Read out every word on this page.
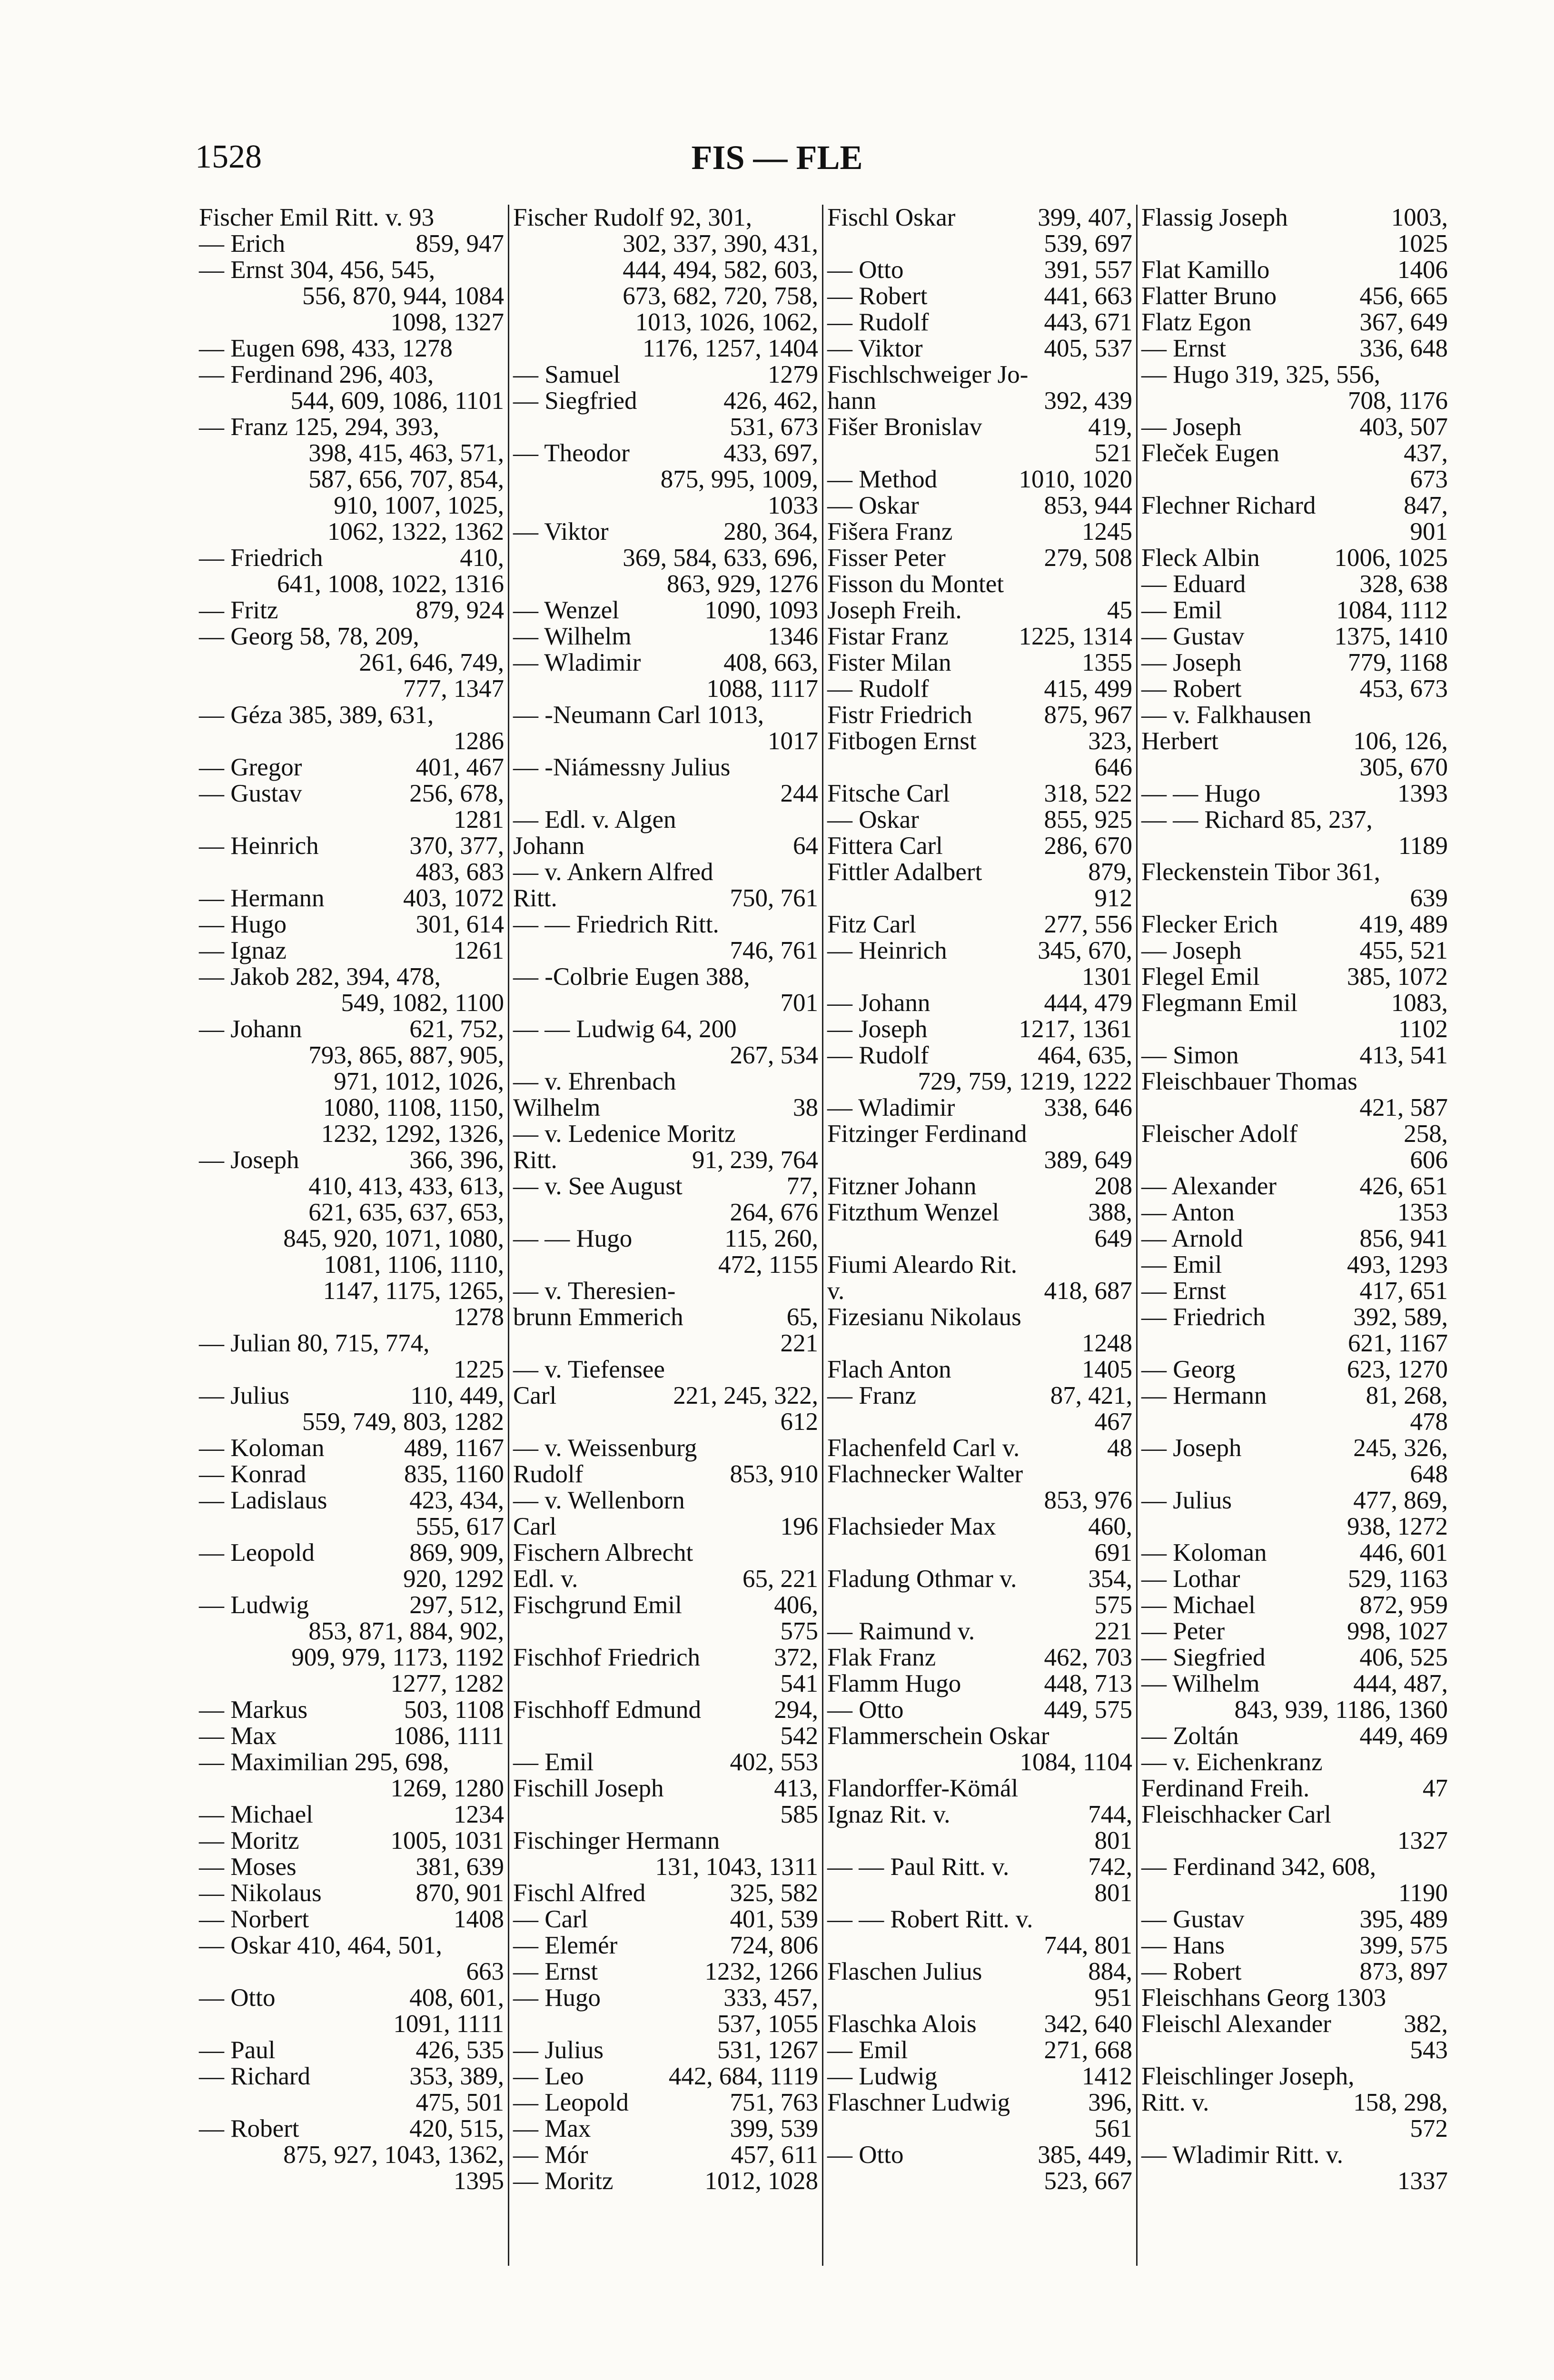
1528	FIS — FLE
Fischer Emil Ritt. v. 93
— Erich	859, 947
— Ernst 304, 456, 545,
556, 870, 944, 1084
1098, 1327
— Eugen 698, 433, 1278
— Ferdinand 296, 403,
544, 609, 1086, 1101
— Franz 125, 294, 393,
398, 415, 463, 571,
587, 656, 707, 854,
910, 1007, 1025,
1062, 1322, 1362
— Friedrich	410,
641, 1008, 1022, 1316
— Fritz	879, 924
— Georg 58, 78, 209,
261, 646, 749,
777, 1347
— Géza 385, 389, 631,
1286
— Gregor	401, 467
— Gustav	256, 678,
1281
— Heinrich	370, 377,
483, 683
— Hermann	403, 1072
— Hugo	301, 614
— Ignaz	1261
— Jakob 282, 394, 478,
549, 1082, 1100
— Johann	621, 752,
793, 865, 887, 905,
971, 1012, 1026,
1080, 1108, 1150,
1232, 1292, 1326,
— Joseph	366, 396,
410, 413, 433, 613,
621, 635, 637, 653,
845, 920, 1071, 1080,
1081, 1106, 1110,
1147, 1175, 1265,
1278
— Julian 80, 715, 774,
1225
— Julius	110, 449,
559, 749, 803, 1282
— Koloman	489, 1167
— Konrad	835, 1160
— Ladislaus	423, 434,
555, 617
— Leopold	869, 909,
920, 1292
— Ludwig	297, 512,
853, 871, 884, 902,
909, 979, 1173, 1192
1277, 1282
— Markus	503, 1108
— Max	1086, 1111
— Maximilian 295, 698,
1269, 1280
— Michael	1234
— Moritz	1005, 1031
— Moses	381, 639
— Nikolaus	870, 901
— Norbert	1408
— Oskar 410, 464, 501,
663
— Otto	408, 601,
1091, 1111
— Paul	426, 535
— Richard	353, 389,
475, 501
— Robert	420, 515,
875, 927, 1043, 1362,
1395
Fischer Rudolf 92, 301,
302, 337, 390, 431,
444, 494, 582, 603,
673, 682, 720, 758,
1013, 1026, 1062,
1176, 1257, 1404
— Samuel	1279
— Siegfried	426, 462,
531, 673
— Theodor	433, 697,
875, 995, 1009,
1033
— Viktor	280, 364,
369, 584, 633, 696,
863, 929, 1276
— Wenzel	1090, 1093
— Wilhelm	1346
— Wladimir	408, 663,
1088, 1117
— -Neumann Carl 1013,
1017
— -Niámessny Julius
244
— Edl. v. Algen
Johann	64
— v. Ankern Alfred
Ritt.	750, 761
— — Friedrich Ritt.
746, 761
— -Colbrie Eugen 388,
701
— — Ludwig 64, 200
267, 534
— v. Ehrenbach
Wilhelm	38
— v. Ledenice Moritz
Ritt.	91, 239, 764
— v. See August	77,
264, 676
— — Hugo	115, 260,
472, 1155
— v. Theresien-
brunn Emmerich	65,
221
— v. Tiefensee
Carl	221, 245, 322,
612
— v. Weissenburg
Rudolf	853, 910
— v. Wellenborn
Carl	196
Fischern Albrecht
Edl. v.	65, 221
Fischgrund Emil	406,
575
Fischhof Friedrich	372,
541
Fischhoff Edmund	294,
542
— Emil	402, 553
Fischill Joseph	413,
585
Fischinger Hermann
131, 1043, 1311
Fischl Alfred	325, 582
— Carl	401, 539
— Elemér	724, 806
— Ernst	1232, 1266
— Hugo	333, 457,
537, 1055
— Julius	531, 1267
— Leo	442, 684, 1119
— Leopold	751, 763
— Max	399, 539
— Mór	457, 611
— Moritz	1012, 1028
Fischl Oskar	399, 407,
539, 697
— Otto	391, 557
— Robert	441, 663
— Rudolf	443, 671
— Viktor	405, 537
Fischlschweiger Jo-
hann	392, 439
Fišer Bronislav	419,
521
— Method	1010, 1020
— Oskar	853, 944
Fišera Franz	1245
Fisser Peter	279, 508
Fisson du Montet
Joseph Freih.	45
Fistar Franz	1225, 1314
Fister Milan	1355
— Rudolf	415, 499
Fistr Friedrich	875, 967
Fitbogen Ernst	323,
646
Fitsche Carl	318, 522
— Oskar	855, 925
Fittera Carl	286, 670
Fittler Adalbert	879,
912
Fitz Carl	277, 556
— Heinrich	345, 670,
1301
— Johann	444, 479
— Joseph	1217, 1361
— Rudolf	464, 635,
729, 759, 1219, 1222
— Wladimir	338, 646
Fitzinger Ferdinand
389, 649
Fitzner Johann	208
Fitzthum Wenzel	388,
649
Fiumi Aleardo Rit.
v.	418, 687
Fizesianu Nikolaus
1248
Flach Anton	1405
— Franz	87, 421,
467
Flachenfeld Carl v.	48
Flachnecker Walter
853, 976
Flachsieder Max	460,
691
Fladung Othmar v.	354,
575
— Raimund v.	221
Flak Franz	462, 703
Flamm Hugo	448, 713
— Otto	449, 575
Flammerschein Oskar
1084, 1104
Flandorffer-Kömál
Ignaz Rit. v.	744,
801
— — Paul Ritt. v.	742,
801
— — Robert Ritt. v.
744, 801
Flaschen Julius	884,
951
Flaschka Alois	342, 640
— Emil	271, 668
— Ludwig	1412
Flaschner Ludwig	396,
561
— Otto	385, 449,
523, 667
Flassig Joseph	1003,
1025
Flat Kamillo	1406
Flatter Bruno	456, 665
Flatz Egon	367, 649
— Ernst	336, 648
— Hugo 319, 325, 556,
708, 1176
— Joseph	403, 507
Fleček Eugen	437,
673
Flechner Richard	847,
901
Fleck Albin	1006, 1025
— Eduard	328, 638
— Emil	1084, 1112
— Gustav	1375, 1410
— Joseph	779, 1168
— Robert	453, 673
— v. Falkhausen
Herbert	106, 126,
305, 670
— — Hugo	1393
— — Richard 85, 237,
1189
Fleckenstein Tibor 361,
639
Flecker Erich	419, 489
— Joseph	455, 521
Flegel Emil	385, 1072
Flegmann Emil	1083,
1102
— Simon	413, 541
Fleischbauer Thomas
421, 587
Fleischer Adolf	258,
606
— Alexander	426, 651
— Anton	1353
— Arnold	856, 941
— Emil	493, 1293
— Ernst	417, 651
— Friedrich	392, 589,
621, 1167
— Georg	623, 1270
— Hermann	81, 268,
478
— Joseph	245, 326,
648
— Julius	477, 869,
938, 1272
— Koloman	446, 601
— Lothar	529, 1163
— Michael	872, 959
— Peter	998, 1027
— Siegfried	406, 525
— Wilhelm	444, 487,
843, 939, 1186, 1360
— Zoltán	449, 469
— v. Eichenkranz
Ferdinand Freih.	47
Fleischhacker Carl
1327
— Ferdinand 342, 608,
1190
— Gustav	395, 489
— Hans	399, 575
— Robert	873, 897
Fleischhans Georg 1303
Fleischl Alexander	382,
543
Fleischlinger Joseph,
Ritt. v.	158, 298,
572
— Wladimir Ritt. v.
1337
